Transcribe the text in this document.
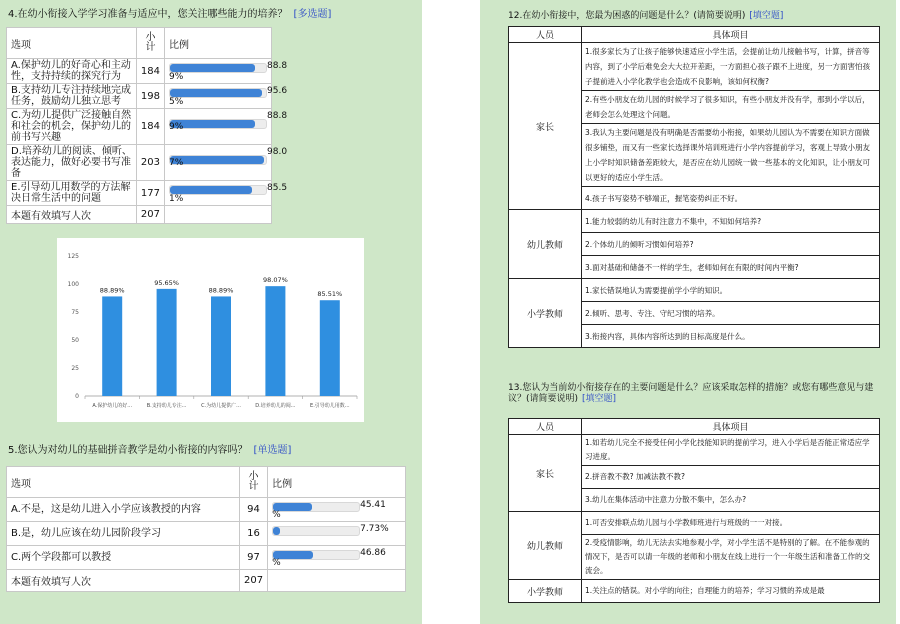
4.在幼小衔接入学学习准备与适应中，您关注哪些能力的培养？ [多选题]
选项	小计	比例
A.保护幼儿的好奇心和主动性，支持持续的探究行为	184	88.8
9%

B.支持幼儿专注持续地完成任务，鼓励幼儿独立思考	198	95.6
5%

C.为幼儿提供广泛接触自然和社会的机会，保护幼儿的前书写兴趣	184	88.8
9%

D.培养幼儿的阅读、倾听、表达能力，做好必要书写准备	203	98.0
7%

E.引导幼儿用数学的方法解决日常生活中的问题	177	85.5
1%

本题有效填写人次	207	
0
25
50
75
100
125
88.89%
A.保护幼儿的好...
95.65%
B.支持幼儿专注...
88.89%
C.为幼儿提供广...
98.07%
D.培养幼儿的阅...
85.51%
E.引导幼儿用数...
5.您认为对幼儿的基础拼音教学是幼小衔接的内容吗？ [单选题]
选项	小计	比例
A.不是，这是幼儿进入小学应该教授的内容	94	45.41
%

B.是，幼儿应该在幼儿园阶段学习	16	7.73%

C.两个学段都可以教授	97	46.86
%

本题有效填写人次	207	
12.在幼小衔接中，您最为困惑的问题是什么？(请简要说明) [填空题]
人员	具体项目
家长	1.很多家长为了让孩子能够快速适应小学生活，会提前让幼儿接触书写，计算，拼音等内容，到了小学后难免会大大拉开差距，一方面担心孩子跟不上进度，另一方面害怕孩子提前进入小学化教学也会造成不良影响，该如何权衡?
	2.有些小朋友在幼儿园的时候学习了很多知识，有些小朋友并没有学，那到小学以后，老师会怎么处理这个问题。
	3.我认为主要问题是没有明确是否需要幼小衔接，如果幼儿园认为不需要在知识方面做很多铺垫，而又有一些家长选择课外培训班进行小学内容提前学习，客观上导致小朋友上小学时知识储备差距较大，是否应在幼儿园统一做一些基本的文化知识，让小朋友可以更好的适应小学生活。
	4.孩子书写姿势不够端正，握笔姿势纠正不好。
幼儿教师	1.能力较弱的幼儿有时注意力不集中，不知如何培养?
	2.个体幼儿的倾听习惯如何培养?
	3.面对基础和储备不一样的学生，老师如何在有限的时间内平衡?
小学教师	1.家长错误地认为需要提前学小学的知识。
	2.倾听、思考、专注、守纪习惯的培养。
	3.衔接内容，具体内容所达到的目标高度是什么。
13.您认为当前幼小衔接存在的主要问题是什么？应该采取怎样的措施？或您有哪些意见与建议？(请简要说明) [填空题]
人员	具体项目
家长	1.如若幼儿完全不接受任何小学化技能知识的提前学习，进入小学后是否能正常适应学习进度。
	2.拼音教不教? 加减法教不教?
	3.幼儿在集体活动中注意力分散不集中，怎么办?
幼儿教师	1.可否安排联点幼儿园与小学教师班进行与班级的一一对接。
	2.受疫情影响，幼儿无法去实地参观小学，对小学生活不是特别的了解。在不能参观的情况下，是否可以请一年级的老师和小朋友在线上进行一个一年级生活和准备工作的交流会。
小学教师	1.关注点的错误。对小学的向往；自理能力的培养；学习习惯的养成是最
